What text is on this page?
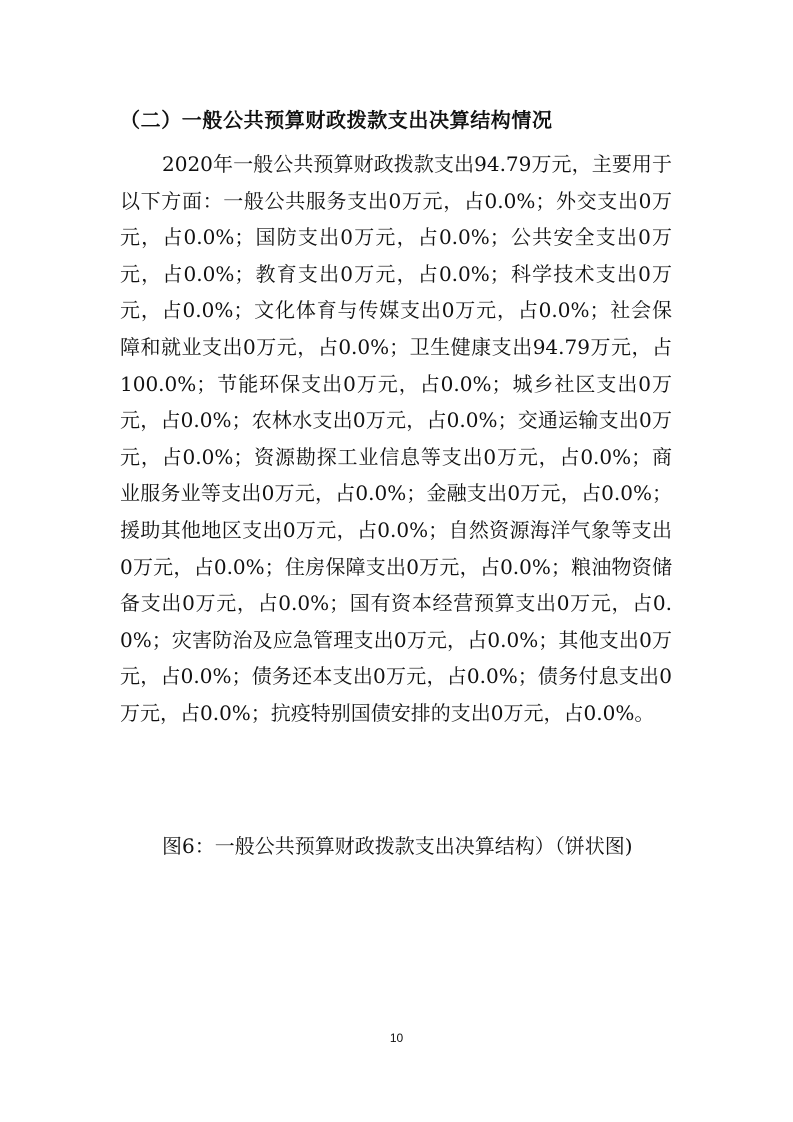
（二）一般公共预算财政拨款支出决算结构情况

2020年一般公共预算财政拨款支出94.79万元，主要用于以下方面：一般公共服务支出0万元，占0.0%；外交支出0万元，占0.0%；国防支出0万元，占0.0%；公共安全支出0万元，占0.0%；教育支出0万元，占0.0%；科学技术支出0万元，占0.0%；文化体育与传媒支出0万元，占0.0%；社会保障和就业支出0万元，占0.0%；卫生健康支出94.79万元，占100.0%；节能环保支出0万元，占0.0%；城乡社区支出0万元，占0.0%；农林水支出0万元，占0.0%；交通运输支出0万元，占0.0%；资源勘探工业信息等支出0万元，占0.0%；商业服务业等支出0万元，占0.0%；金融支出0万元，占0.0%；援助其他地区支出0万元，占0.0%；自然资源海洋气象等支出0万元，占0.0%；住房保障支出0万元，占0.0%；粮油物资储备支出0万元，占0.0%；国有资本经营预算支出0万元，占0.0%；灾害防治及应急管理支出0万元，占0.0%；其他支出0万元，占0.0%；债务还本支出0万元，占0.0%；债务付息支出0万元，占0.0%；抗疫特别国债安排的支出0万元，占0.0%。

图6：一般公共预算财政拨款支出决算结构）（饼状图)

10
